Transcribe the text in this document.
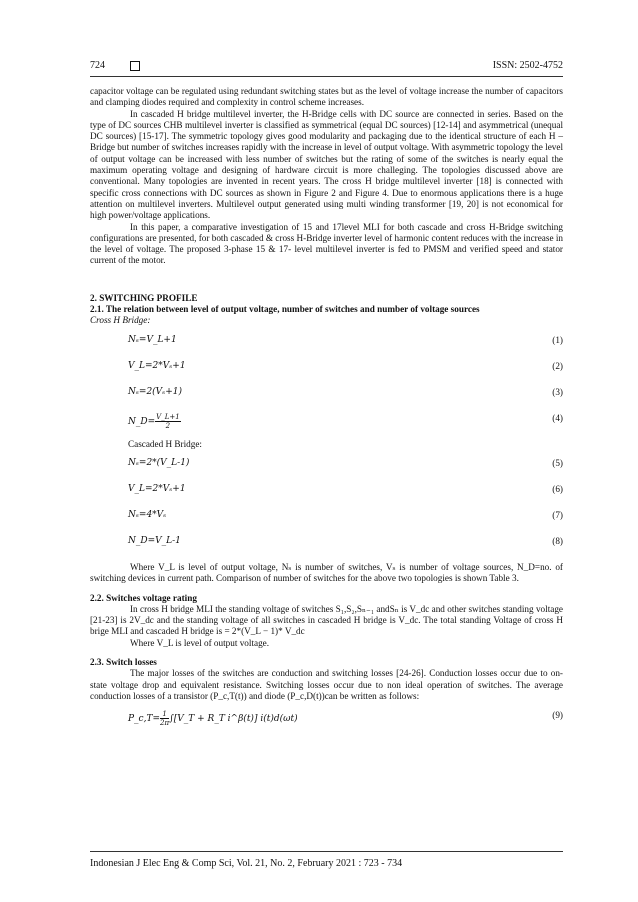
724	ISSN: 2502-4752

capacitor voltage can be regulated using redundant switching states but as the level of voltage increase the number of capacitors and clamping diodes required and complexity in control scheme increases.

In cascaded H bridge multilevel inverter, the H-Bridge cells with DC source are connected in series. Based on the type of DC sources CHB multilevel inverter is classified as symmetrical (equal DC sources) [12-14] and asymmetrical (unequal DC sources) [15-17]. The symmetric topology gives good modularity and packaging due to the identical structure of each H – Bridge but number of switches increases rapidly with the increase in level of output voltage. With asymmetric topology the level of output voltage can be increased with less number of switches but the rating of some of the switches is nearly equal the maximum operating voltage and designing of hardware circuit is more challeging. The topologies discussed above are conventional. Many topologies are invented in recent years. The cross H bridge multilevel inverter [18] is connected with specific cross connections with DC sources as shown in Figure 2 and Figure 4. Due to enormous applications there is a huge attention on multilevel inverters. Multilevel output generated using multi winding transformer [19, 20] is not economical for high power/voltage applications.

In this paper, a comparative investigation of 15 and 17level MLI for both cascade and cross H-Bridge switching configurations are presented, for both cascaded & cross H-Bridge inverter level of harmonic content reduces with the increase in the level of voltage. The proposed 3-phase 15 & 17- level multilevel inverter is fed to PMSM and verified speed and stator current of the motor.

2. SWITCHING PROFILE
2.1. The relation between level of output voltage, number of switches and number of voltage sources
Cross H Bridge:
Nₛ=V_L+1	(1)
V_L=2*Vₛ+1	(2)
Nₛ=2(Vₛ+1)	(3)
N_D= $\frac{V\_L+1}{2}$	(4)
Cascaded H Bridge:
Nₛ=2*(V_L-1)	(5)
V_L=2*Vₛ+1	(6)
Nₛ=4*Vₛ	(7)
N_D=V_L-1	(8)

Where V_L is level of output voltage, Nₛ is number of switches, Vₛ is number of voltage sources, N_D=no. of switching devices in current path. Comparison of number of switches for the above two topologies is shown Table 3.

2.2. Switches voltage rating

In cross H bridge MLI the standing voltage of switches S₁,S₂,Sₙ₋₁ andSₙ is V_dc and other switches standing voltage [21-23] is 2V_dc and the standing voltage of all switches in cascaded H bridge is V_dc. The total standing Voltage of cross H brige MLI and cascaded H bridge is = 2*(V_L − 1)* V_dc

Where V_L is level of output voltage.

2.3. Switch losses

The major losses of the switches are conduction and switching losses [24-26]. Conduction losses occur due to on-state voltage drop and equivalent resistance. Switching losses occur due to non ideal operation of switches. The average conduction losses of a transistor (P_c,T(t)) and diode (P_c,D(t))can be written as follows:

P_c,T= $\frac{1}{2\pi}$ ∫[V_T + R_T i^β(t)] i(t)d(ωt)	(9)
Indonesian J Elec Eng & Comp Sci, Vol. 21, No. 2, February 2021 : 723 - 734
